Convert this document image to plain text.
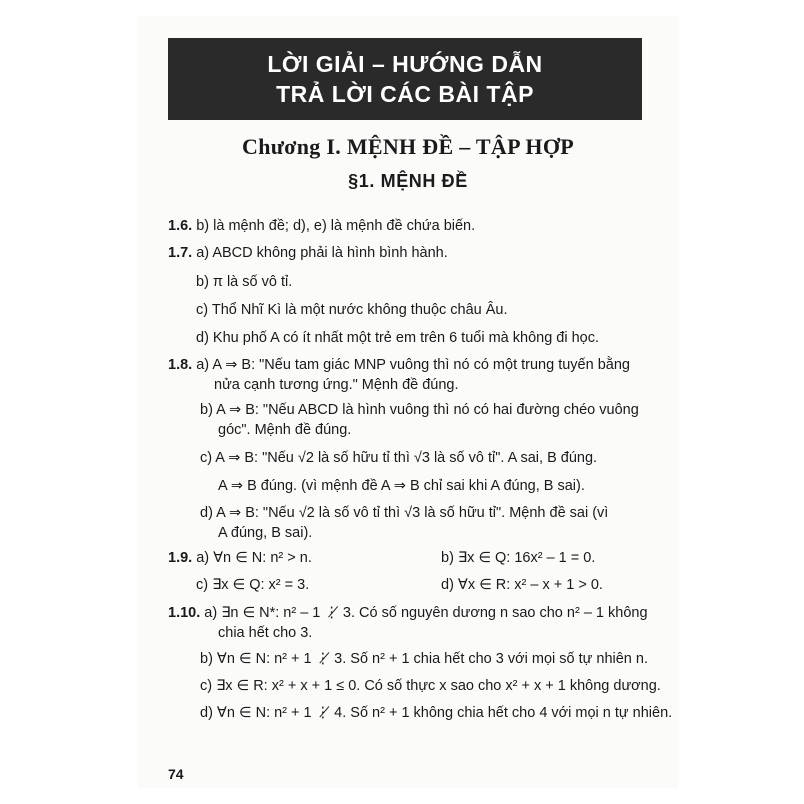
LỜI GIẢI – HƯỚNG DẪN
TRẢ LỜI CÁC BÀI TẬP
Chương I. MỆNH ĐỀ – TẬP HỢP
§1. MỆNH ĐỀ
1.6. b) là mệnh đề; d), e) là mệnh đề chứa biến.
1.7. a) ABCD không phải là hình bình hành.
b) π là số vô tỉ.
c) Thổ Nhĩ Kì là một nước không thuộc châu Âu.
d) Khu phố A có ít nhất một trẻ em trên 6 tuổi mà không đi học.
1.8. a) A ⇒ B: "Nếu tam giác MNP vuông thì nó có một trung tuyến bằng
nửa cạnh tương ứng." Mệnh đề đúng.
b) A ⇒ B: "Nếu ABCD là hình vuông thì nó có hai đường chéo vuông
góc". Mệnh đề đúng.
c) A ⇒ B: "Nếu √2 là số hữu tỉ thì √3 là số vô tỉ". A sai, B đúng.
A ⇒ B đúng. (vì mệnh đề A ⇒ B chỉ sai khi A đúng, B sai).
d) A ⇒ B: "Nếu √2 là số vô tỉ thì √3 là số hữu tỉ". Mệnh đề sai (vì
A đúng, B sai).
1.9. a) ∀n ∈ N: n² > n.	b) ∃x ∈ Q: 16x² – 1 = 0.
c) ∃x ∈ Q: x² = 3.	d) ∀x ∈ R: x² – x + 1 > 0.
1.10. a) ∃n ∈ N*: n² – 1 ⋮̸ 3. Có số nguyên dương n sao cho n² – 1 không
chia hết cho 3.
b) ∀n ∈ N: n² + 1 ⋮̸ 3. Số n² + 1 chia hết cho 3 với mọi số tự nhiên n.
c) ∃x ∈ R: x² + x + 1 ≤ 0. Có số thực x sao cho x² + x + 1 không dương.
d) ∀n ∈ N: n² + 1 ⋮̸ 4. Số n² + 1 không chia hết cho 4 với mọi n tự nhiên.
74
